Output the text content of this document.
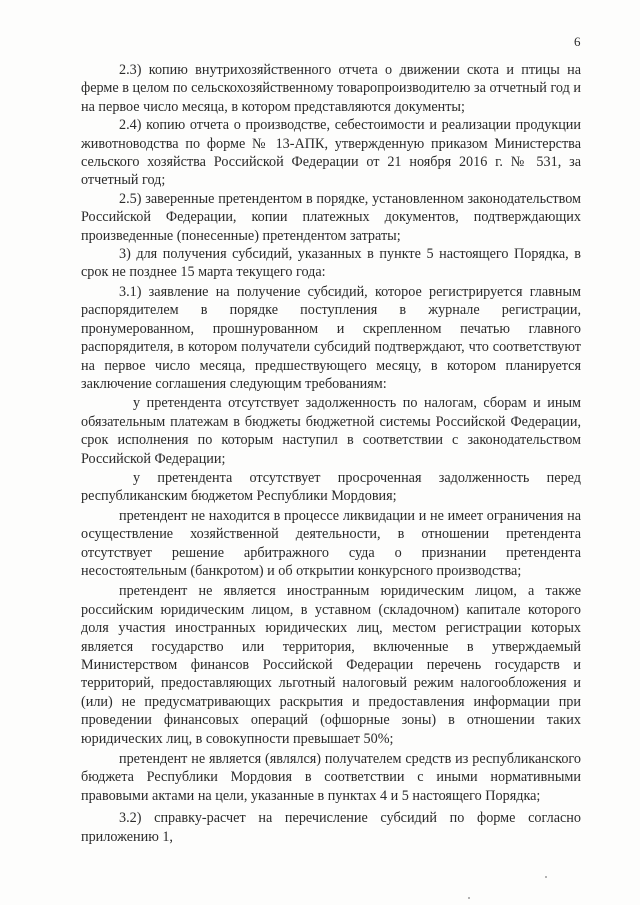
6

2.3) копию внутрихозяйственного отчета о движении скота и птицы на ферме в целом по сельскохозяйственному товаропроизводителю за отчетный год и на первое число месяца, в котором представляются документы;

2.4) копию отчета о производстве, себестоимости и реализации продукции животноводства по форме № 13-АПК, утвержденную приказом Министерства сельского хозяйства Российской Федерации от 21 ноября 2016 г. № 531, за отчетный год;

2.5) заверенные претендентом в порядке, установленном законодательством Российской Федерации, копии платежных документов, подтверждающих произведенные (понесенные) претендентом затраты;

3) для получения субсидий, указанных в пункте 5 настоящего Порядка, в срок не позднее 15 марта текущего года:

3.1) заявление на получение субсидий, которое регистрируется главным распорядителем в порядке поступления в журнале регистрации, пронумерованном, прошнурованном и скрепленном печатью главного распорядителя, в котором получатели субсидий подтверждают, что соответствуют на первое число месяца, предшествующего месяцу, в котором планируется заключение соглашения следующим требованиям:

у претендента отсутствует задолженность по налогам, сборам и иным обязательным платежам в бюджеты бюджетной системы Российской Федерации, срок исполнения по которым наступил в соответствии с законодательством Российской Федерации;

у претендента отсутствует просроченная задолженность перед республиканским бюджетом Республики Мордовия;

претендент не находится в процессе ликвидации и не имеет ограничения на осуществление хозяйственной деятельности, в отношении претендента отсутствует решение арбитражного суда о признании претендента несостоятельным (банкротом) и об открытии конкурсного производства;

претендент не является иностранным юридическим лицом, а также российским юридическим лицом, в уставном (складочном) капитале которого доля участия иностранных юридических лиц, местом регистрации которых является государство или территория, включенные в утверждаемый Министерством финансов Российской Федерации перечень государств и территорий, предоставляющих льготный налоговый режим налогообложения и (или) не предусматривающих раскрытия и предоставления информации при проведении финансовых операций (офшорные зоны) в отношении таких юридических лиц, в совокупности превышает 50%;

претендент не является (являлся) получателем средств из республиканского бюджета Республики Мордовия в соответствии с иными нормативными правовыми актами на цели, указанные в пунктах 4 и 5 настоящего Порядка;

3.2) справку-расчет на перечисление субсидий по форме согласно приложению 1,
